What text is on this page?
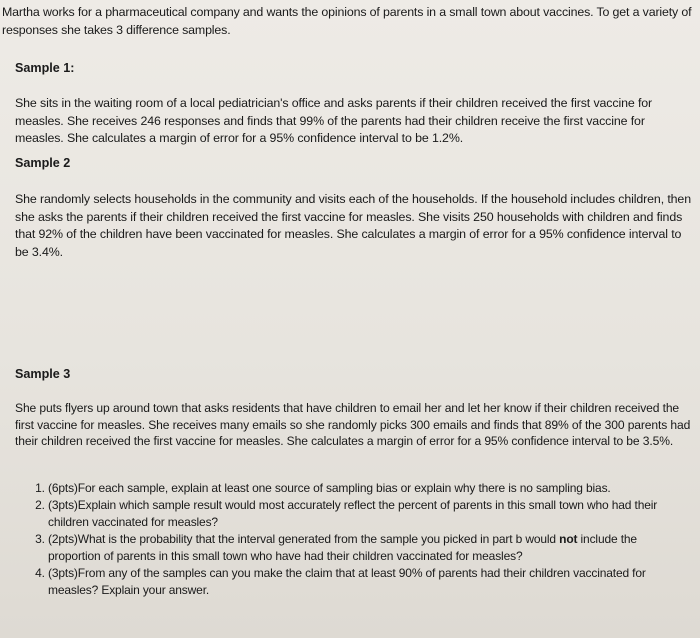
Martha works for a pharmaceutical company and wants the opinions of parents in a small town about vaccines. To get a variety of responses she takes 3 difference samples.

Sample 1:

She sits in the waiting room of a local pediatrician's office and asks parents if their children received the first vaccine for measles. She receives 246 responses and finds that 99% of the parents had their children receive the first vaccine for measles. She calculates a margin of error for a 95% confidence interval to be 1.2%.

Sample 2

She randomly selects households in the community and visits each of the households. If the household includes children, then she asks the parents if their children received the first vaccine for measles. She visits 250 households with children and finds that 92% of the children have been vaccinated for measles. She calculates a margin of error for a 95% confidence interval to be 3.4%.

Sample 3

She puts flyers up around town that asks residents that have children to email her and let her know if their children received the first vaccine for measles. She receives many emails so she randomly picks 300 emails and finds that 89% of the 300 parents had their children received the first vaccine for measles. She calculates a margin of error for a 95% confidence interval to be 3.5%.

1. (6pts)For each sample, explain at least one source of sampling bias or explain why there is no sampling bias.
2. (3pts)Explain which sample result would most accurately reflect the percent of parents in this small town who had their children vaccinated for measles?
3. (2pts)What is the probability that the interval generated from the sample you picked in part b would not include the proportion of parents in this small town who have had their children vaccinated for measles?
4. (3pts)From any of the samples can you make the claim that at least 90% of parents had their children vaccinated for measles? Explain your answer.
